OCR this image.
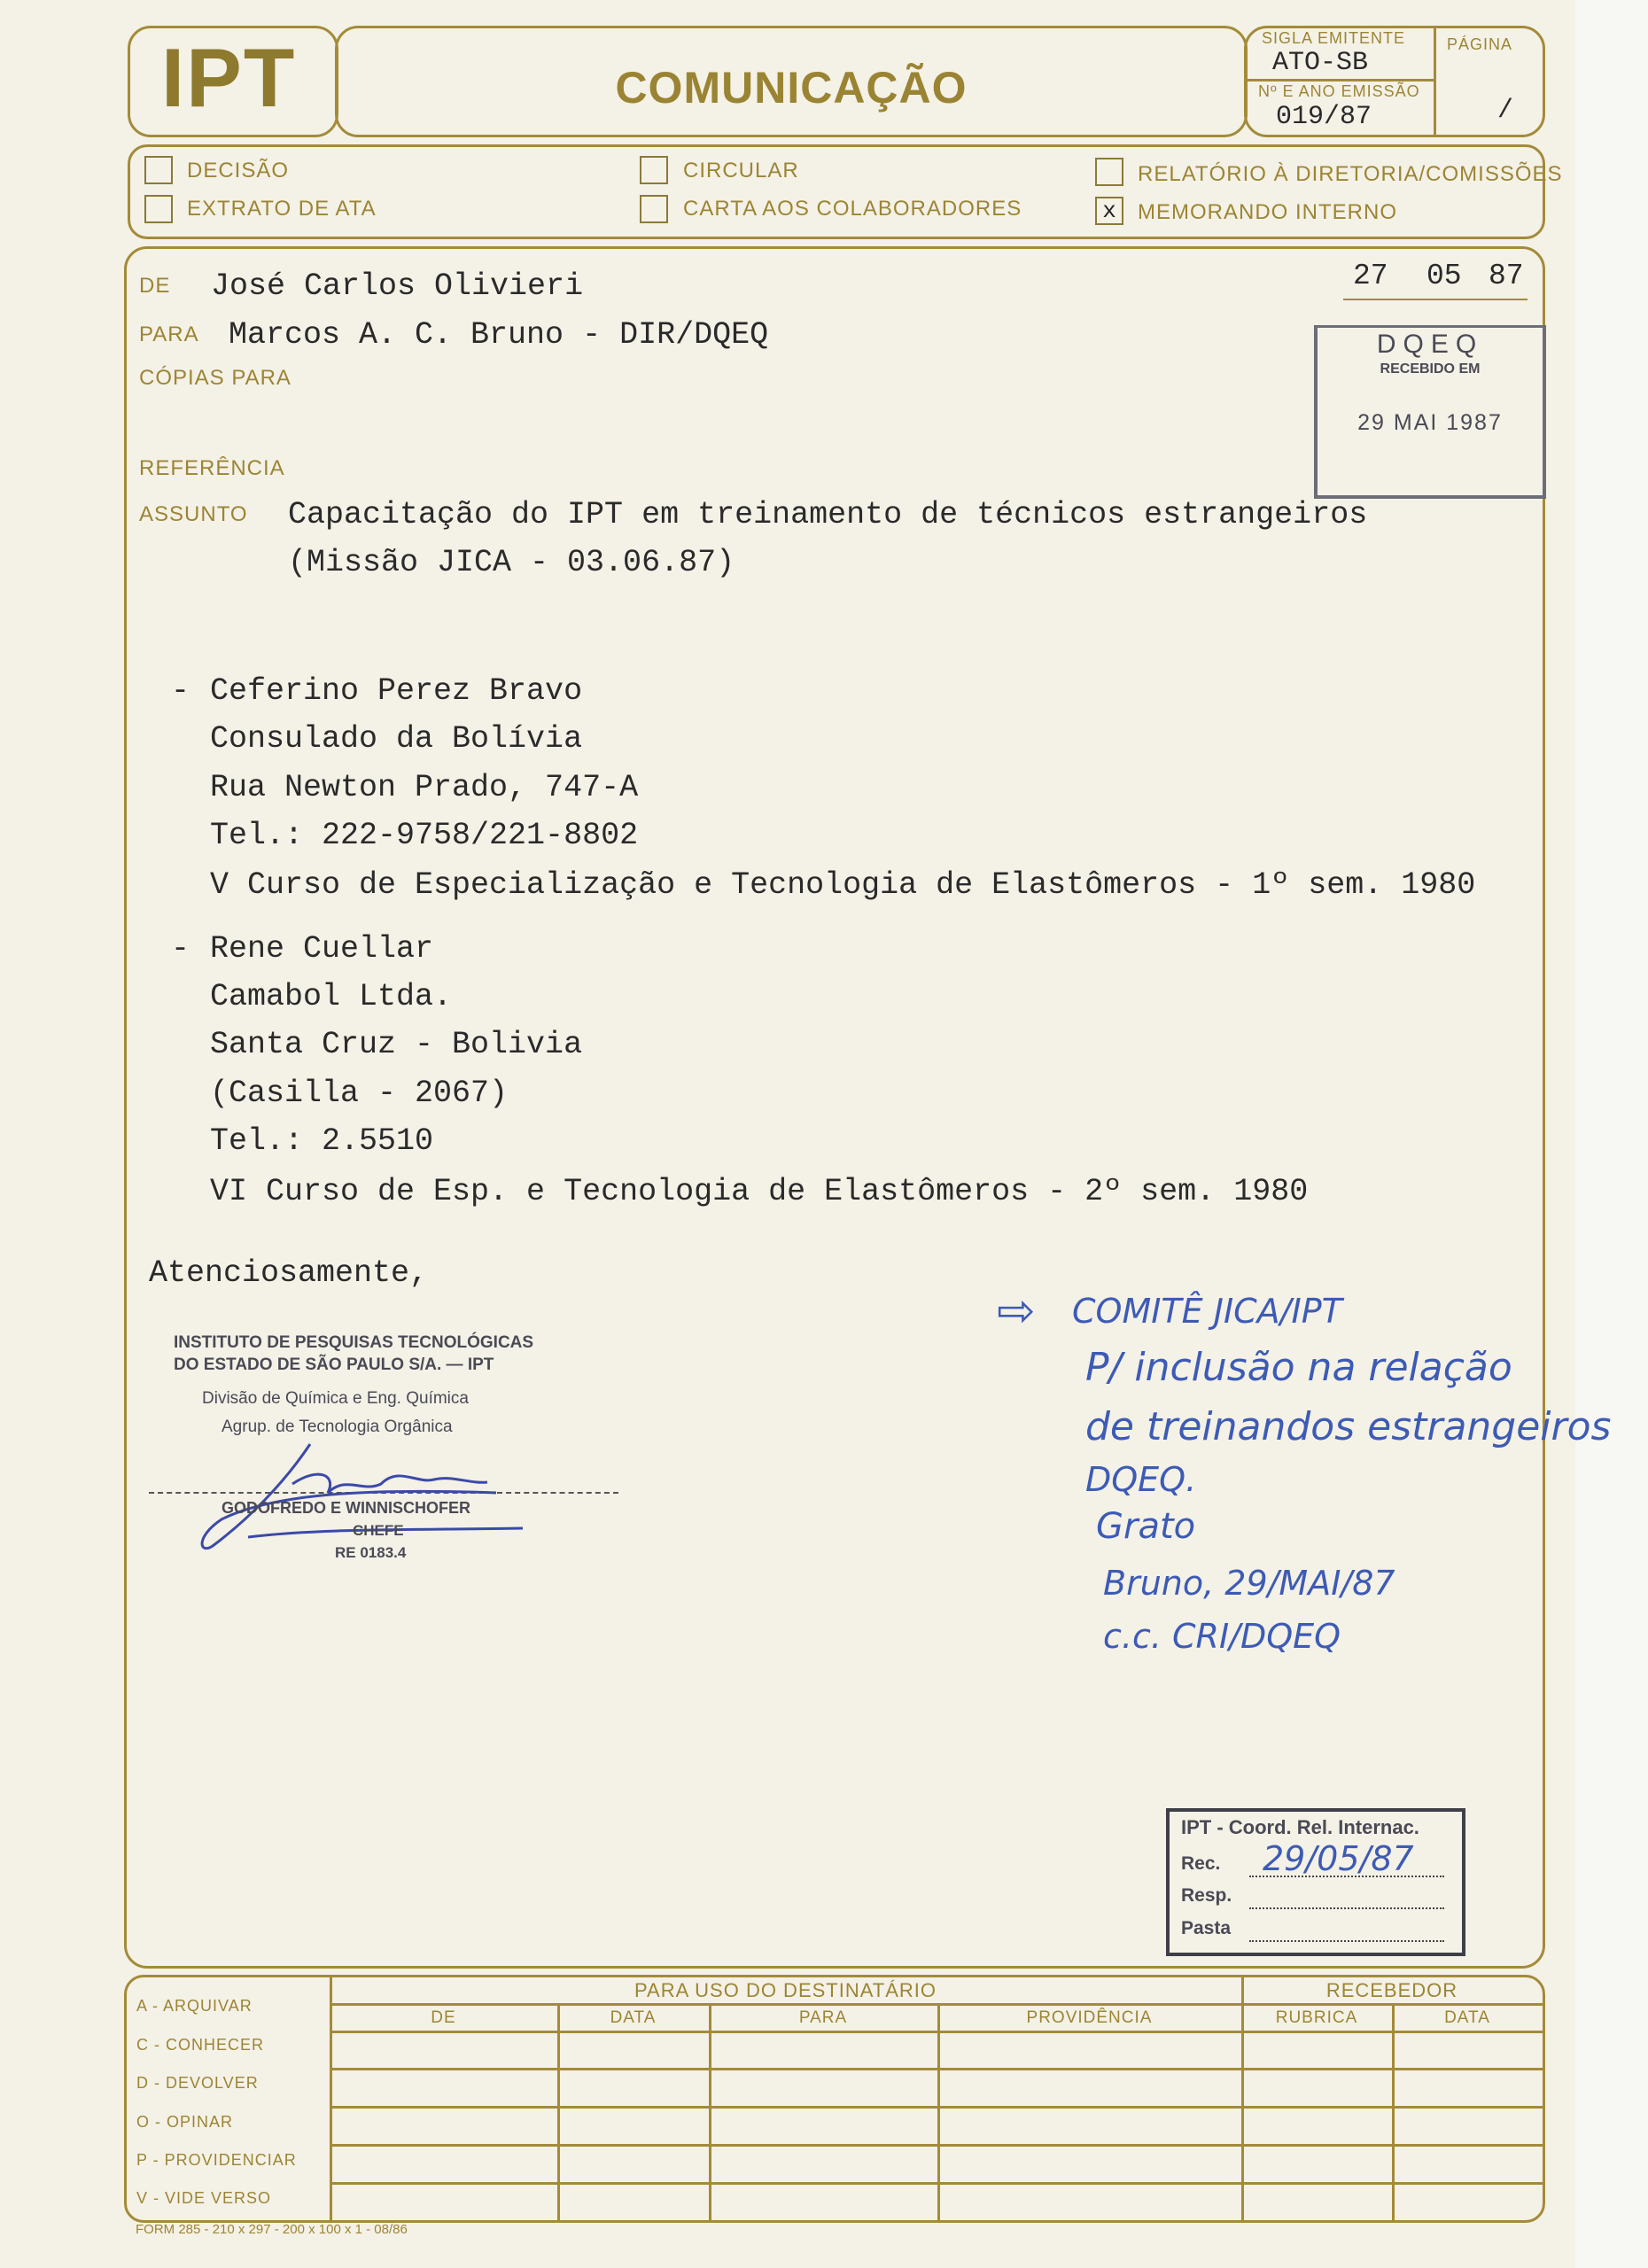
IPT	COMUNICAÇÃO
SIGLA EMITENTE
ATO-SB
Nº E ANO EMISSÃO
019/87
PÁGINA
/
DECISÃO
EXTRATO DE ATA
CIRCULAR
CARTA AOS COLABORADORES
RELATÓRIO À DIRETORIA/COMISSÕES
x	MEMORANDO INTERNO
DE José Carlos Olivieri
PARA Marcos A. C. Bruno - DIR/DQEQ
CÓPIAS PARA
REFERÊNCIA
ASSUNTO Capacitação do IPT em treinamento de técnicos estrangeiros
(Missão JICA - 03.06.87)
27 05 87
DQEQ
RECEBIDO EM
29 MAI 1987
- Ceferino Perez Bravo
Consulado da Bolívia
Rua Newton Prado, 747-A
Tel.: 222-9758/221-8802
V Curso de Especialização e Tecnologia de Elastômeros - 1º sem. 1980
- Rene Cuellar
Camabol Ltda.
Santa Cruz - Bolivia
(Casilla - 2067)
Tel.: 2.5510
VI Curso de Esp. e Tecnologia de Elastômeros - 2º sem. 1980
Atenciosamente,
INSTITUTO DE PESQUISAS TECNOLÓGICAS
DO ESTADO DE SÃO PAULO S/A. — IPT
Divisão de Química e Eng. Química
Agrup. de Tecnologia Orgânica
GODOFREDO E WINNISCHOFER
CHEFE
RE 0183.4
⇨ COMITÊ JICA/IPT
P/ inclusão na relação
de treinandos estrangeiros
DQEQ.
Grato
Bruno, 29/MAI/87
c.c. CRI/DQEQ
IPT - Coord. Rel. Internac.
Rec. 29/05/87
Resp.
Pasta
A - ARQUIVAR
C - CONHECER
D - DEVOLVER
O - OPINAR
P - PROVIDENCIAR
V - VIDE VERSO
PARA USO DO DESTINATÁRIO	RECEBEDOR
DE	DATA	PARA	PROVIDÊNCIA	RUBRICA	DATA
FORM 285 - 210 x 297 - 200 x 100 x 1 - 08/86
